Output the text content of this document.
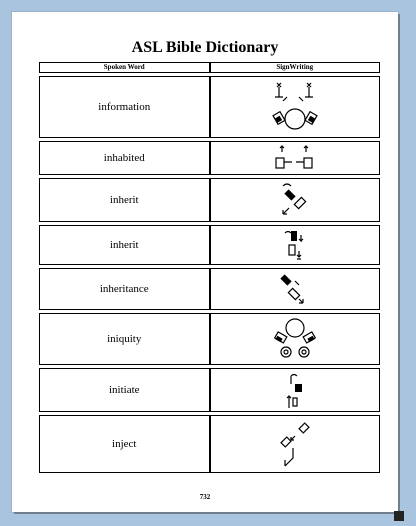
ASL Bible Dictionary
Spoken Word	SignWriting
information	

inhabited	

inherit	

inherit	

inheritance	

iniquity	

initiate	

inject	
732
